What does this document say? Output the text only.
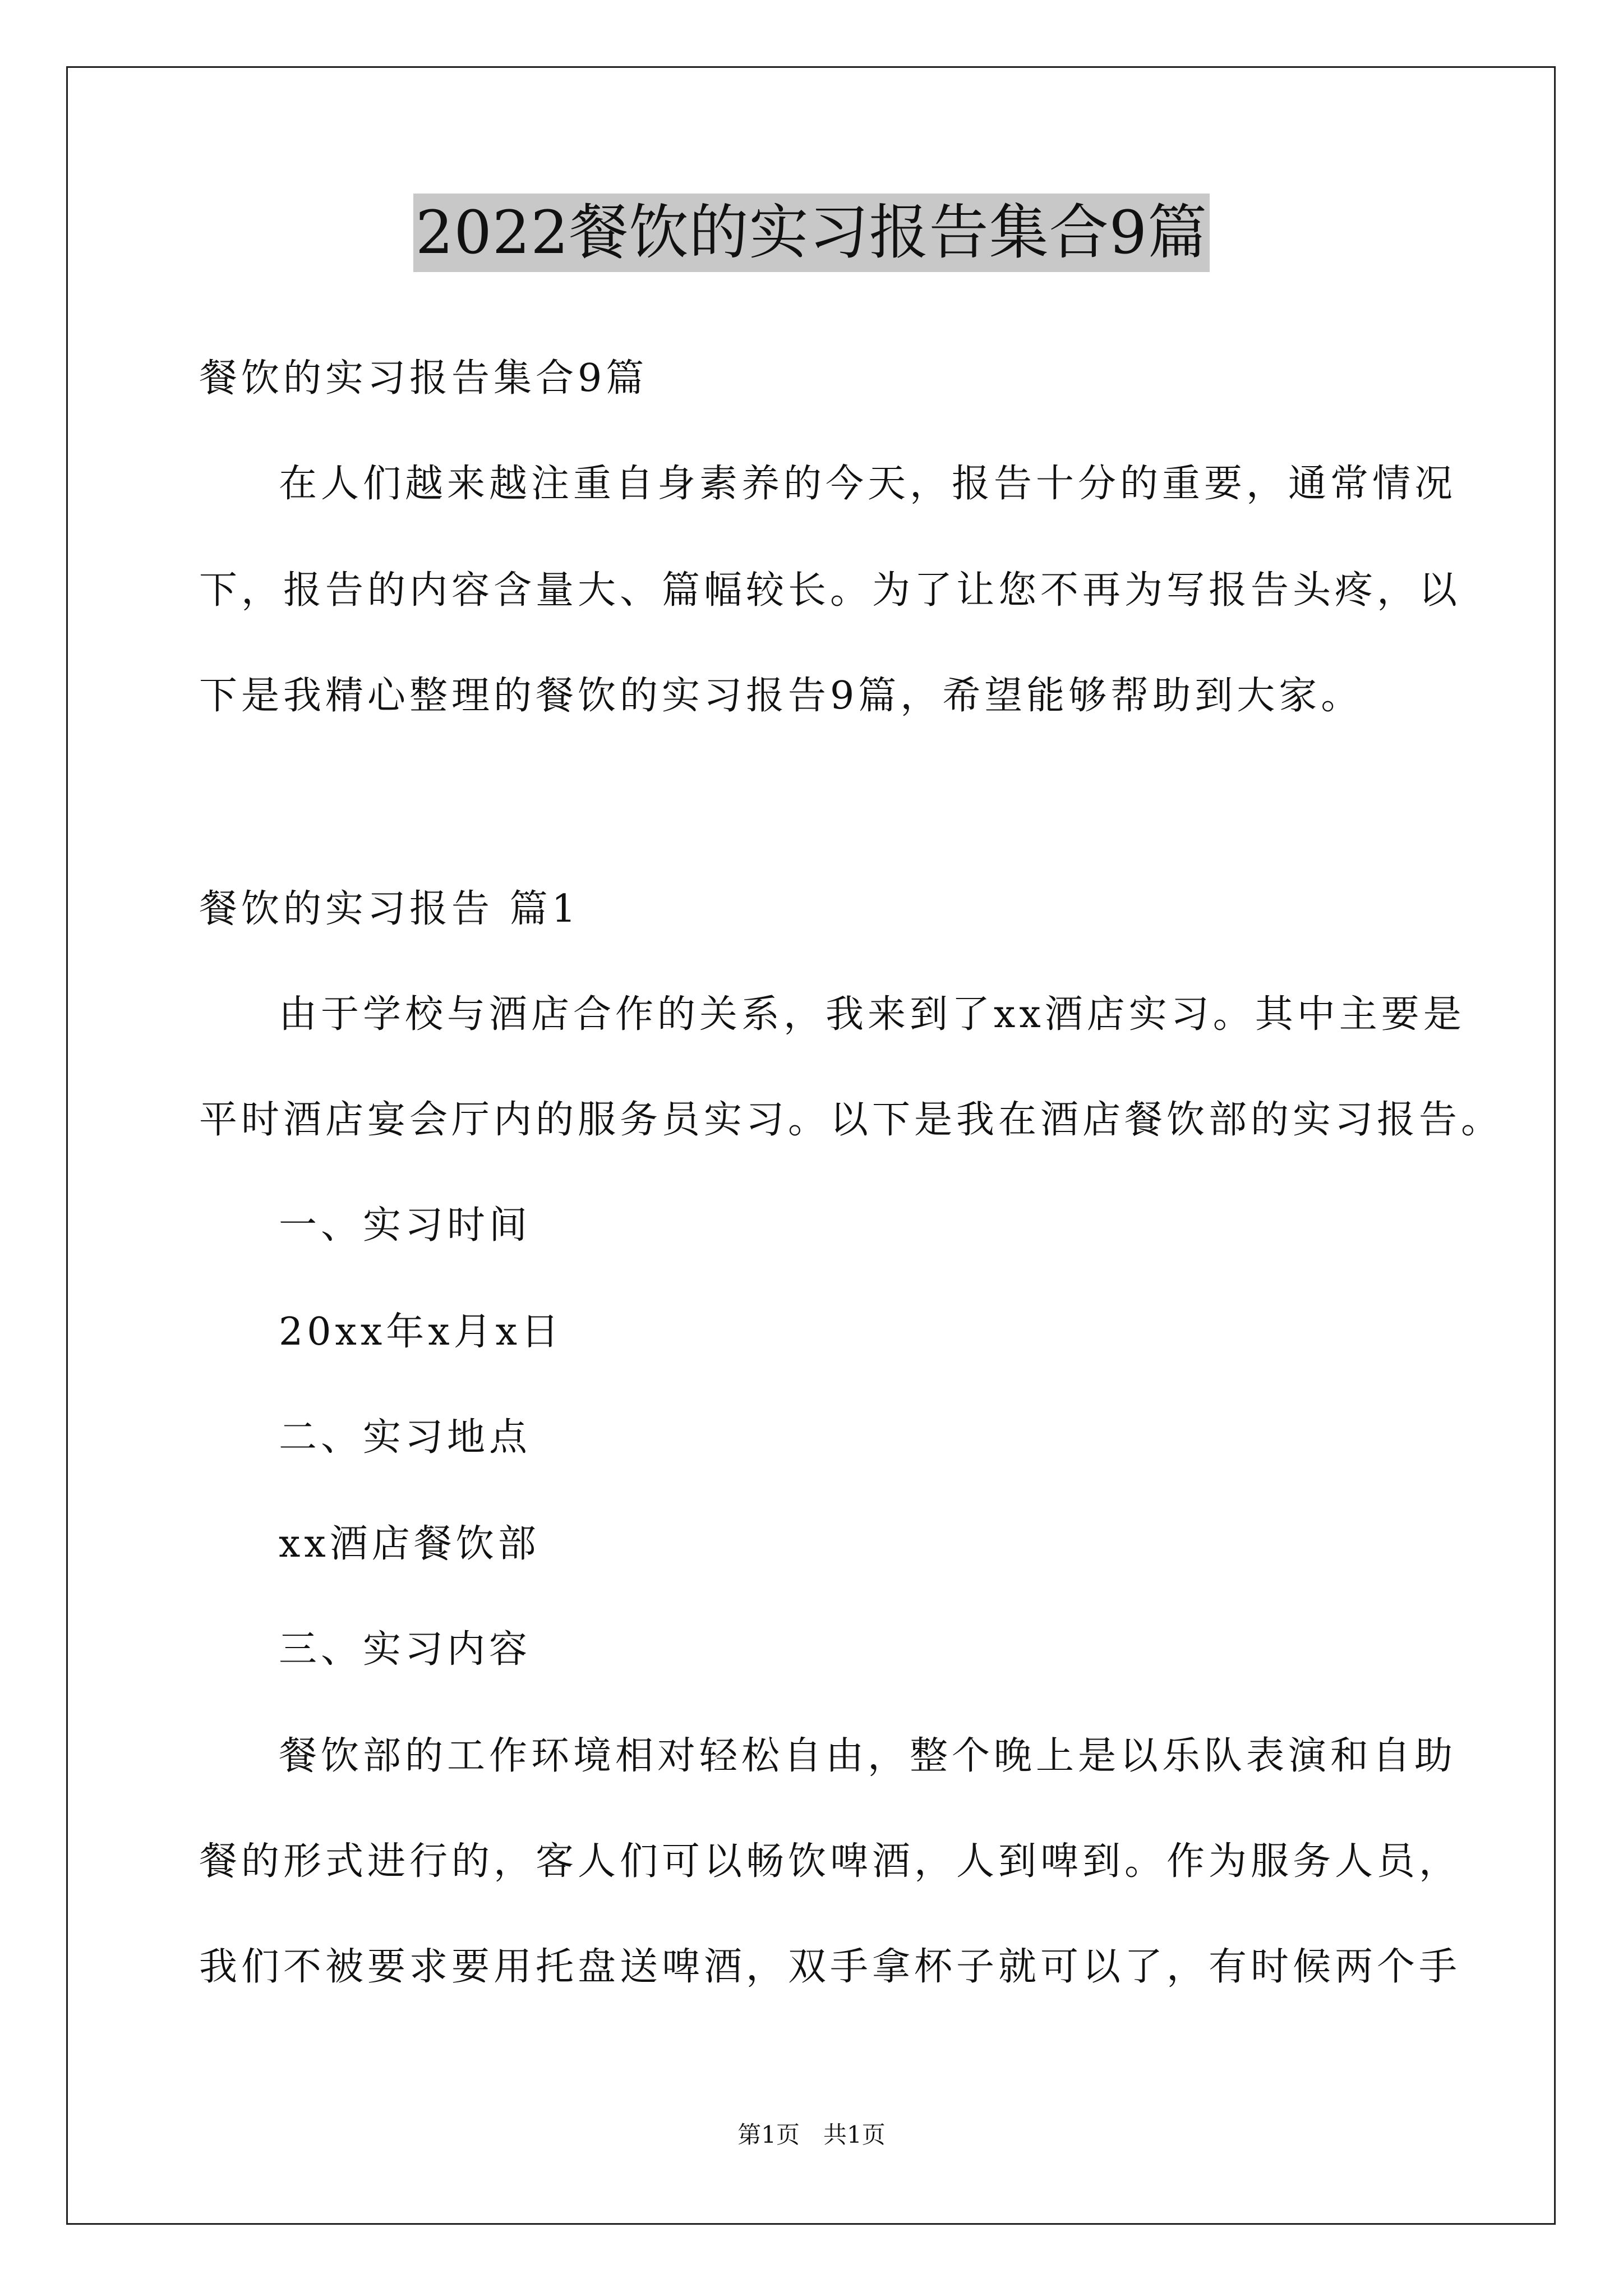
2022餐饮的实习报告集合9篇
餐饮的实习报告集合9篇
在人们越来越注重自身素养的今天，报告十分的重要，通常情况
下，报告的内容含量大、篇幅较长。为了让您不再为写报告头疼，以
下是我精心整理的餐饮的实习报告9篇，希望能够帮助到大家。
餐饮的实习报告 篇1
由于学校与酒店合作的关系，我来到了xx酒店实习。其中主要是
平时酒店宴会厅内的服务员实习。以下是我在酒店餐饮部的实习报告。
一、实习时间
20xx年x月x日
二、实习地点
xx酒店餐饮部
三、实习内容
餐饮部的工作环境相对轻松自由，整个晚上是以乐队表演和自助
餐的形式进行的，客人们可以畅饮啤酒，人到啤到。作为服务人员，
我们不被要求要用托盘送啤酒，双手拿杯子就可以了，有时候两个手
第1页　共1页
